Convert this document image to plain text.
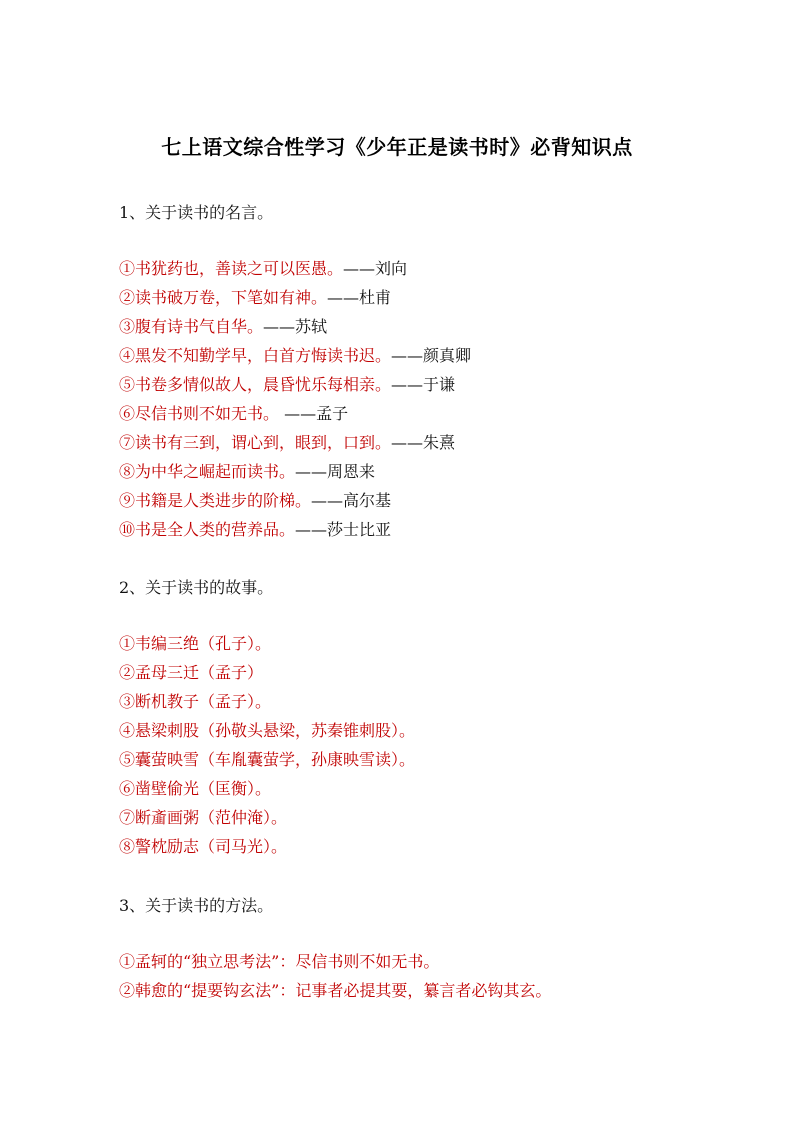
七上语文综合性学习《少年正是读书时》必背知识点
1、关于读书的名言。
①书犹药也，善读之可以医愚。——刘向
②读书破万卷，下笔如有神。——杜甫
③腹有诗书气自华。——苏轼
④黑发不知勤学早，白首方悔读书迟。——颜真卿
⑤书卷多情似故人，晨昏忧乐每相亲。——于谦
⑥尽信书则不如无书。 ——孟子
⑦读书有三到，谓心到，眼到，口到。——朱熹
⑧为中华之崛起而读书。——周恩来
⑨书籍是人类进步的阶梯。——高尔基
⑩书是全人类的营养品。——莎士比亚
2、关于读书的故事。
①韦编三绝（孔子）。
②孟母三迁（孟子）
③断机教子（孟子）。
④悬梁刺股（孙敬头悬梁，苏秦锥刺股）。
⑤囊萤映雪（车胤囊萤学，孙康映雪读）。
⑥凿壁偷光（匡衡）。
⑦断齑画粥（范仲淹）。
⑧警枕励志（司马光）。
3、关于读书的方法。
①孟轲的“独立思考法”：尽信书则不如无书。
②韩愈的“提要钩玄法”：记事者必提其要，纂言者必钩其玄。
